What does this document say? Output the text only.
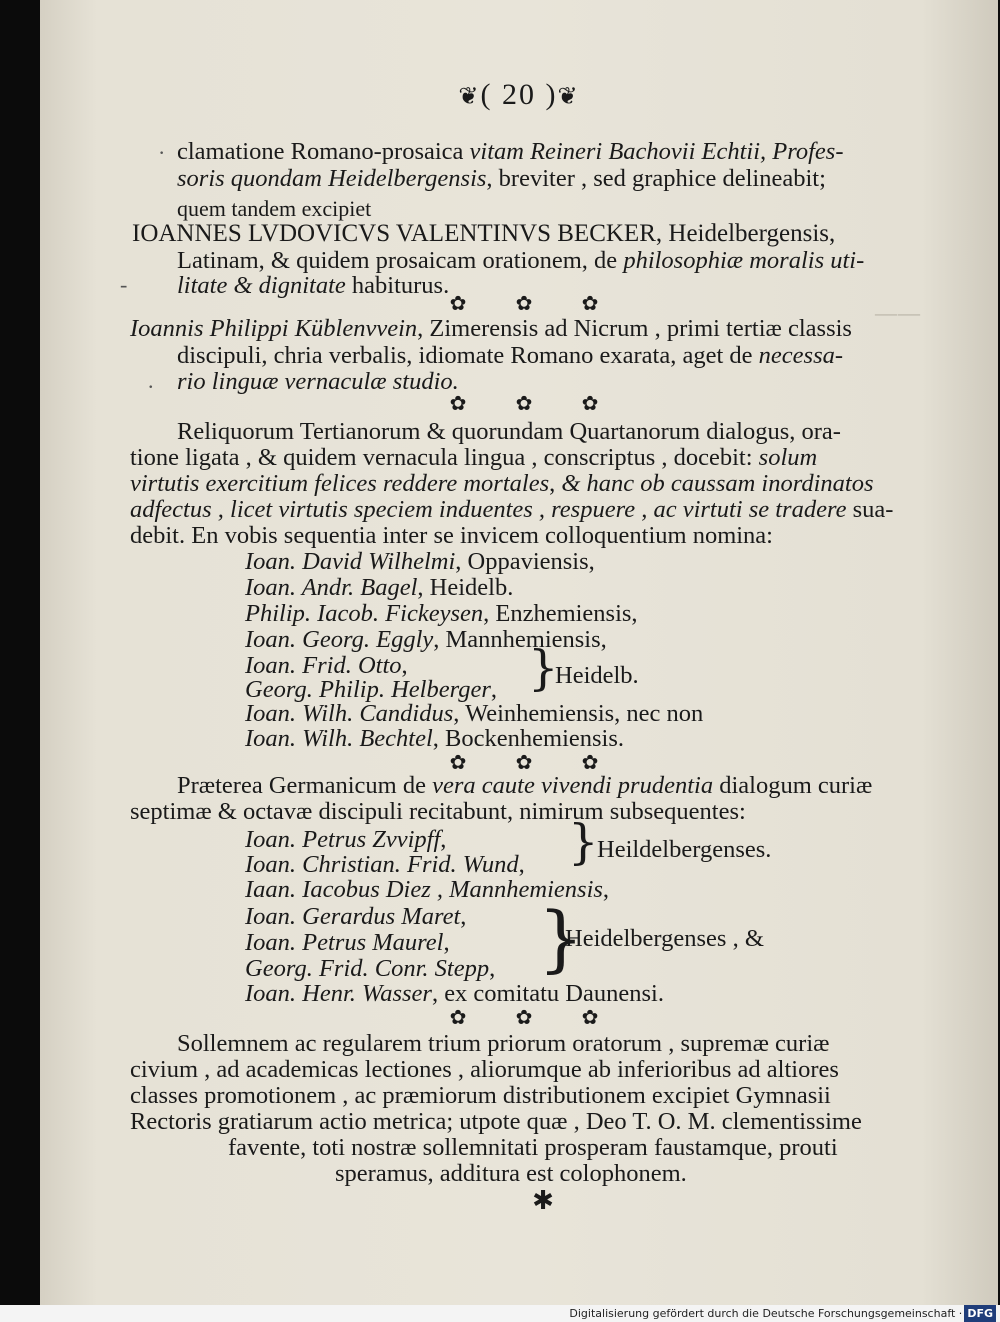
——
❦( 20 )❦
· clamatione Romano-prosaica vitam Reineri Bachovii Echtii, Profes-
soris quondam Heidelbergensis, breviter , sed graphice delineabit;
quem tandem excipiet
IOANNES LVDOVICVS VALENTINVS BECKER, Heidelbergensis,
Latinam, & quidem prosaicam orationem, de philosophiæ moralis uti-
- litate & dignitate habiturus.
✿ ✿ ✿
Ioannis Philippi Küblenvvein, Zimerensis ad Nicrum , primi tertiæ classis
discipuli, chria verbalis, idiomate Romano exarata, aget de necessa-
. rio linguæ vernaculæ studio.
✿ ✿ ✿
Reliquorum Tertianorum & quorundam Quartanorum dialogus, ora-
tione ligata , & quidem vernacula lingua , conscriptus , docebit: solum
virtutis exercitium felices reddere mortales, & hanc ob caussam inordinatos
adfectus , licet virtutis speciem induentes , respuere , ac virtuti se tradere sua-
debit. En vobis sequentia inter se invicem colloquentium nomina:
Ioan. David Wilhelmi, Oppaviensis,
Ioan. Andr. Bagel, Heidelb.
Philip. Iacob. Fickeysen, Enzhemiensis,
Ioan. Georg. Eggly, Mannhemiensis,
Ioan. Frid. Otto,
Georg. Philip. Helberger, }
Heidelb.
Ioan. Wilh. Candidus, Weinhemiensis, nec non
Ioan. Wilh. Bechtel, Bockenhemiensis.
✿ ✿ ✿
Præterea Germanicum de vera caute vivendi prudentia dialogum curiæ
septimæ & octavæ discipuli recitabunt, nimirum subsequentes:
Ioan. Petrus Zvvipff,
Ioan. Christian. Frid. Wund, }
Heildelbergenses.
Iaan. Iacobus Diez , Mannhemiensis,
Ioan. Gerardus Maret,
Ioan. Petrus Maurel,
Georg. Frid. Conr. Stepp, }
Heidelbergenses , &
Ioan. Henr. Wasser, ex comitatu Daunensi.
✿ ✿ ✿
Sollemnem ac regularem trium priorum oratorum , supremæ curiæ
civium , ad academicas lectiones , aliorumque ab inferioribus ad altiores
classes promotionem , ac præmiorum distributionem excipiet Gymnasii
Rectoris gratiarum actio metrica; utpote quæ , Deo T. O. M. clementissime
favente, toti nostræ sollemnitati prosperam faustamque, prouti
speramus, additura est colophonem.
✱
Digitalisierung gefördert durch die Deutsche Forschungsgemeinschaft · DFG
